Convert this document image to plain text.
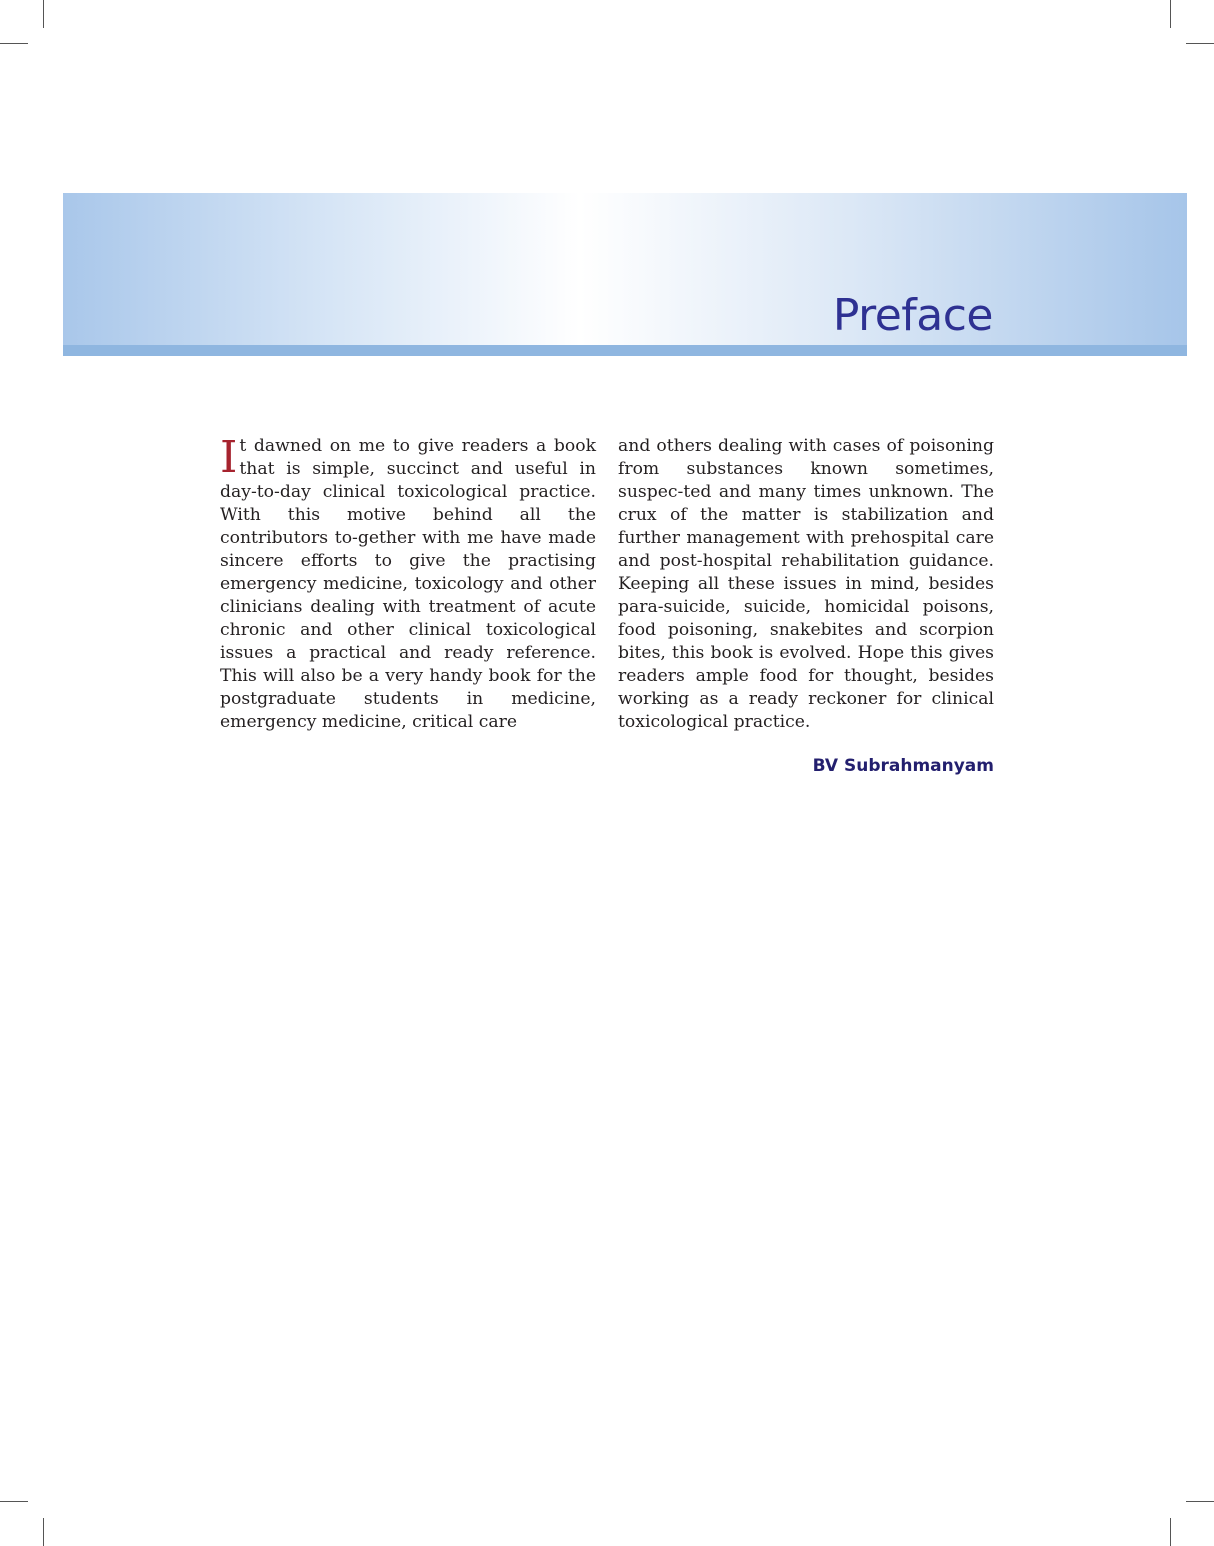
Preface

It dawned on me to give readers a book that is simple, succinct and useful in day-to-day clinical toxicological practice. With this motive behind all the contributors to-gether with me have made sincere efforts to give the practising emergency medicine, toxicology and other clinicians dealing with treatment of acute chronic and other clinical toxicological issues a practical and ready reference. This will also be a very handy book for the postgraduate students in medicine, emergency medicine, critical care

and others dealing with cases of poisoning from substances known sometimes, suspec-ted and many times unknown. The crux of the matter is stabilization and further management with prehospital care and post-hospital rehabilitation guidance. Keeping all these issues in mind, besides para-suicide, suicide, homicidal poisons, food poisoning, snakebites and scorpion bites, this book is evolved. Hope this gives readers ample food for thought, besides working as a ready reckoner for clinical toxicological practice.

BV Subrahmanyam
